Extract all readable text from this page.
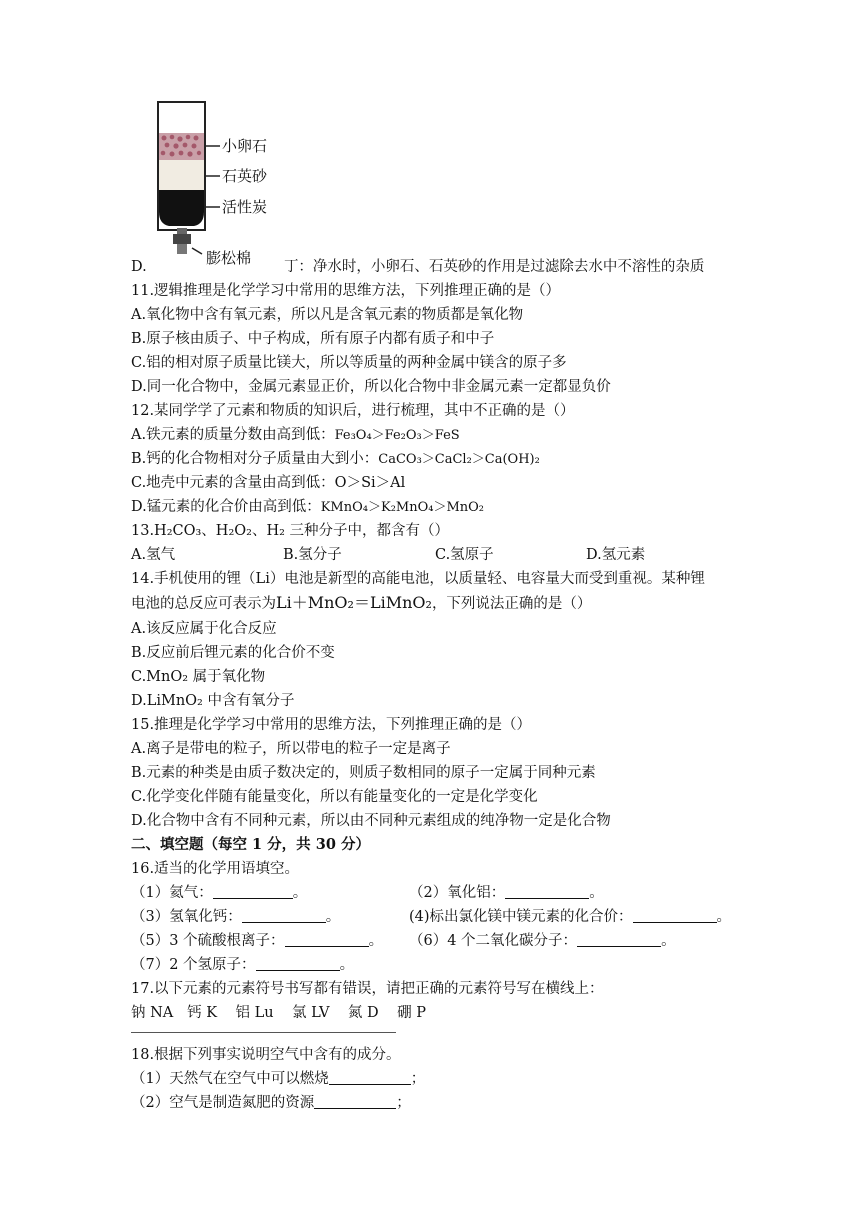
小卵石
石英砂
活性炭
膨松棉
D.	丁：净水时，小卵石、石英砂的作用是过滤除去水中不溶性的杂质
11.逻辑推理是化学学习中常用的思维方法，下列推理正确的是（）
A.氧化物中含有氧元素，所以凡是含氧元素的物质都是氧化物
B.原子核由质子、中子构成，所有原子内都有质子和中子
C.铝的相对原子质量比镁大，所以等质量的两种金属中镁含的原子多
D.同一化合物中，金属元素显正价，所以化合物中非金属元素一定都显负价
12.某同学学了元素和物质的知识后，进行梳理，其中不正确的是（）
A.铁元素的质量分数由高到低：Fe₃O₄＞Fe₂O₃＞FeS
B.钙的化合物相对分子质量由大到小：CaCO₃＞CaCl₂＞Ca(OH)₂
C.地壳中元素的含量由高到低：O＞Si＞Al
D.锰元素的化合价由高到低：KMnO₄＞K₂MnO₄＞MnO₂
13.H₂CO₃、H₂O₂、H₂ 三种分子中，都含有（）
A.氢气	B.氢分子	C.氢原子	D.氢元素
14.手机使用的锂（Li）电池是新型的高能电池，以质量轻、电容量大而受到重视。某种锂
电池的总反应可表示为Li＋MnO₂＝LiMnO₂，下列说法正确的是（）
A.该反应属于化合反应
B.反应前后锂元素的化合价不变
C.MnO₂ 属于氧化物
D.LiMnO₂ 中含有氧分子
15.推理是化学学习中常用的思维方法，下列推理正确的是（）
A.离子是带电的粒子，所以带电的粒子一定是离子
B.元素的种类是由质子数决定的，则质子数相同的原子一定属于同种元素
C.化学变化伴随有能量变化，所以有能量变化的一定是化学变化
D.化合物中含有不同种元素，所以由不同种元素组成的纯净物一定是化合物
二、填空题（每空 1 分，共 30 分）
16.适当的化学用语填空。
（1）氦气：	。	（2）氧化铝：	。
（3）氢氧化钙：	。	(4)标出氯化镁中镁元素的化合价：	。
（5）3 个硫酸根离子：	。 （6）4 个二氧化碳分子：	。
（7）2 个氢原子：	。
17.以下元素的元素符号书写都有错误，请把正确的元素符号写在横线上：
钠 NA   钙 K    铝 Lu    氯 LV    氮 D    硼 P
18.根据下列事实说明空气中含有的成分。
（1）天然气在空气中可以燃烧	；
（2）空气是制造氮肥的资源	；
